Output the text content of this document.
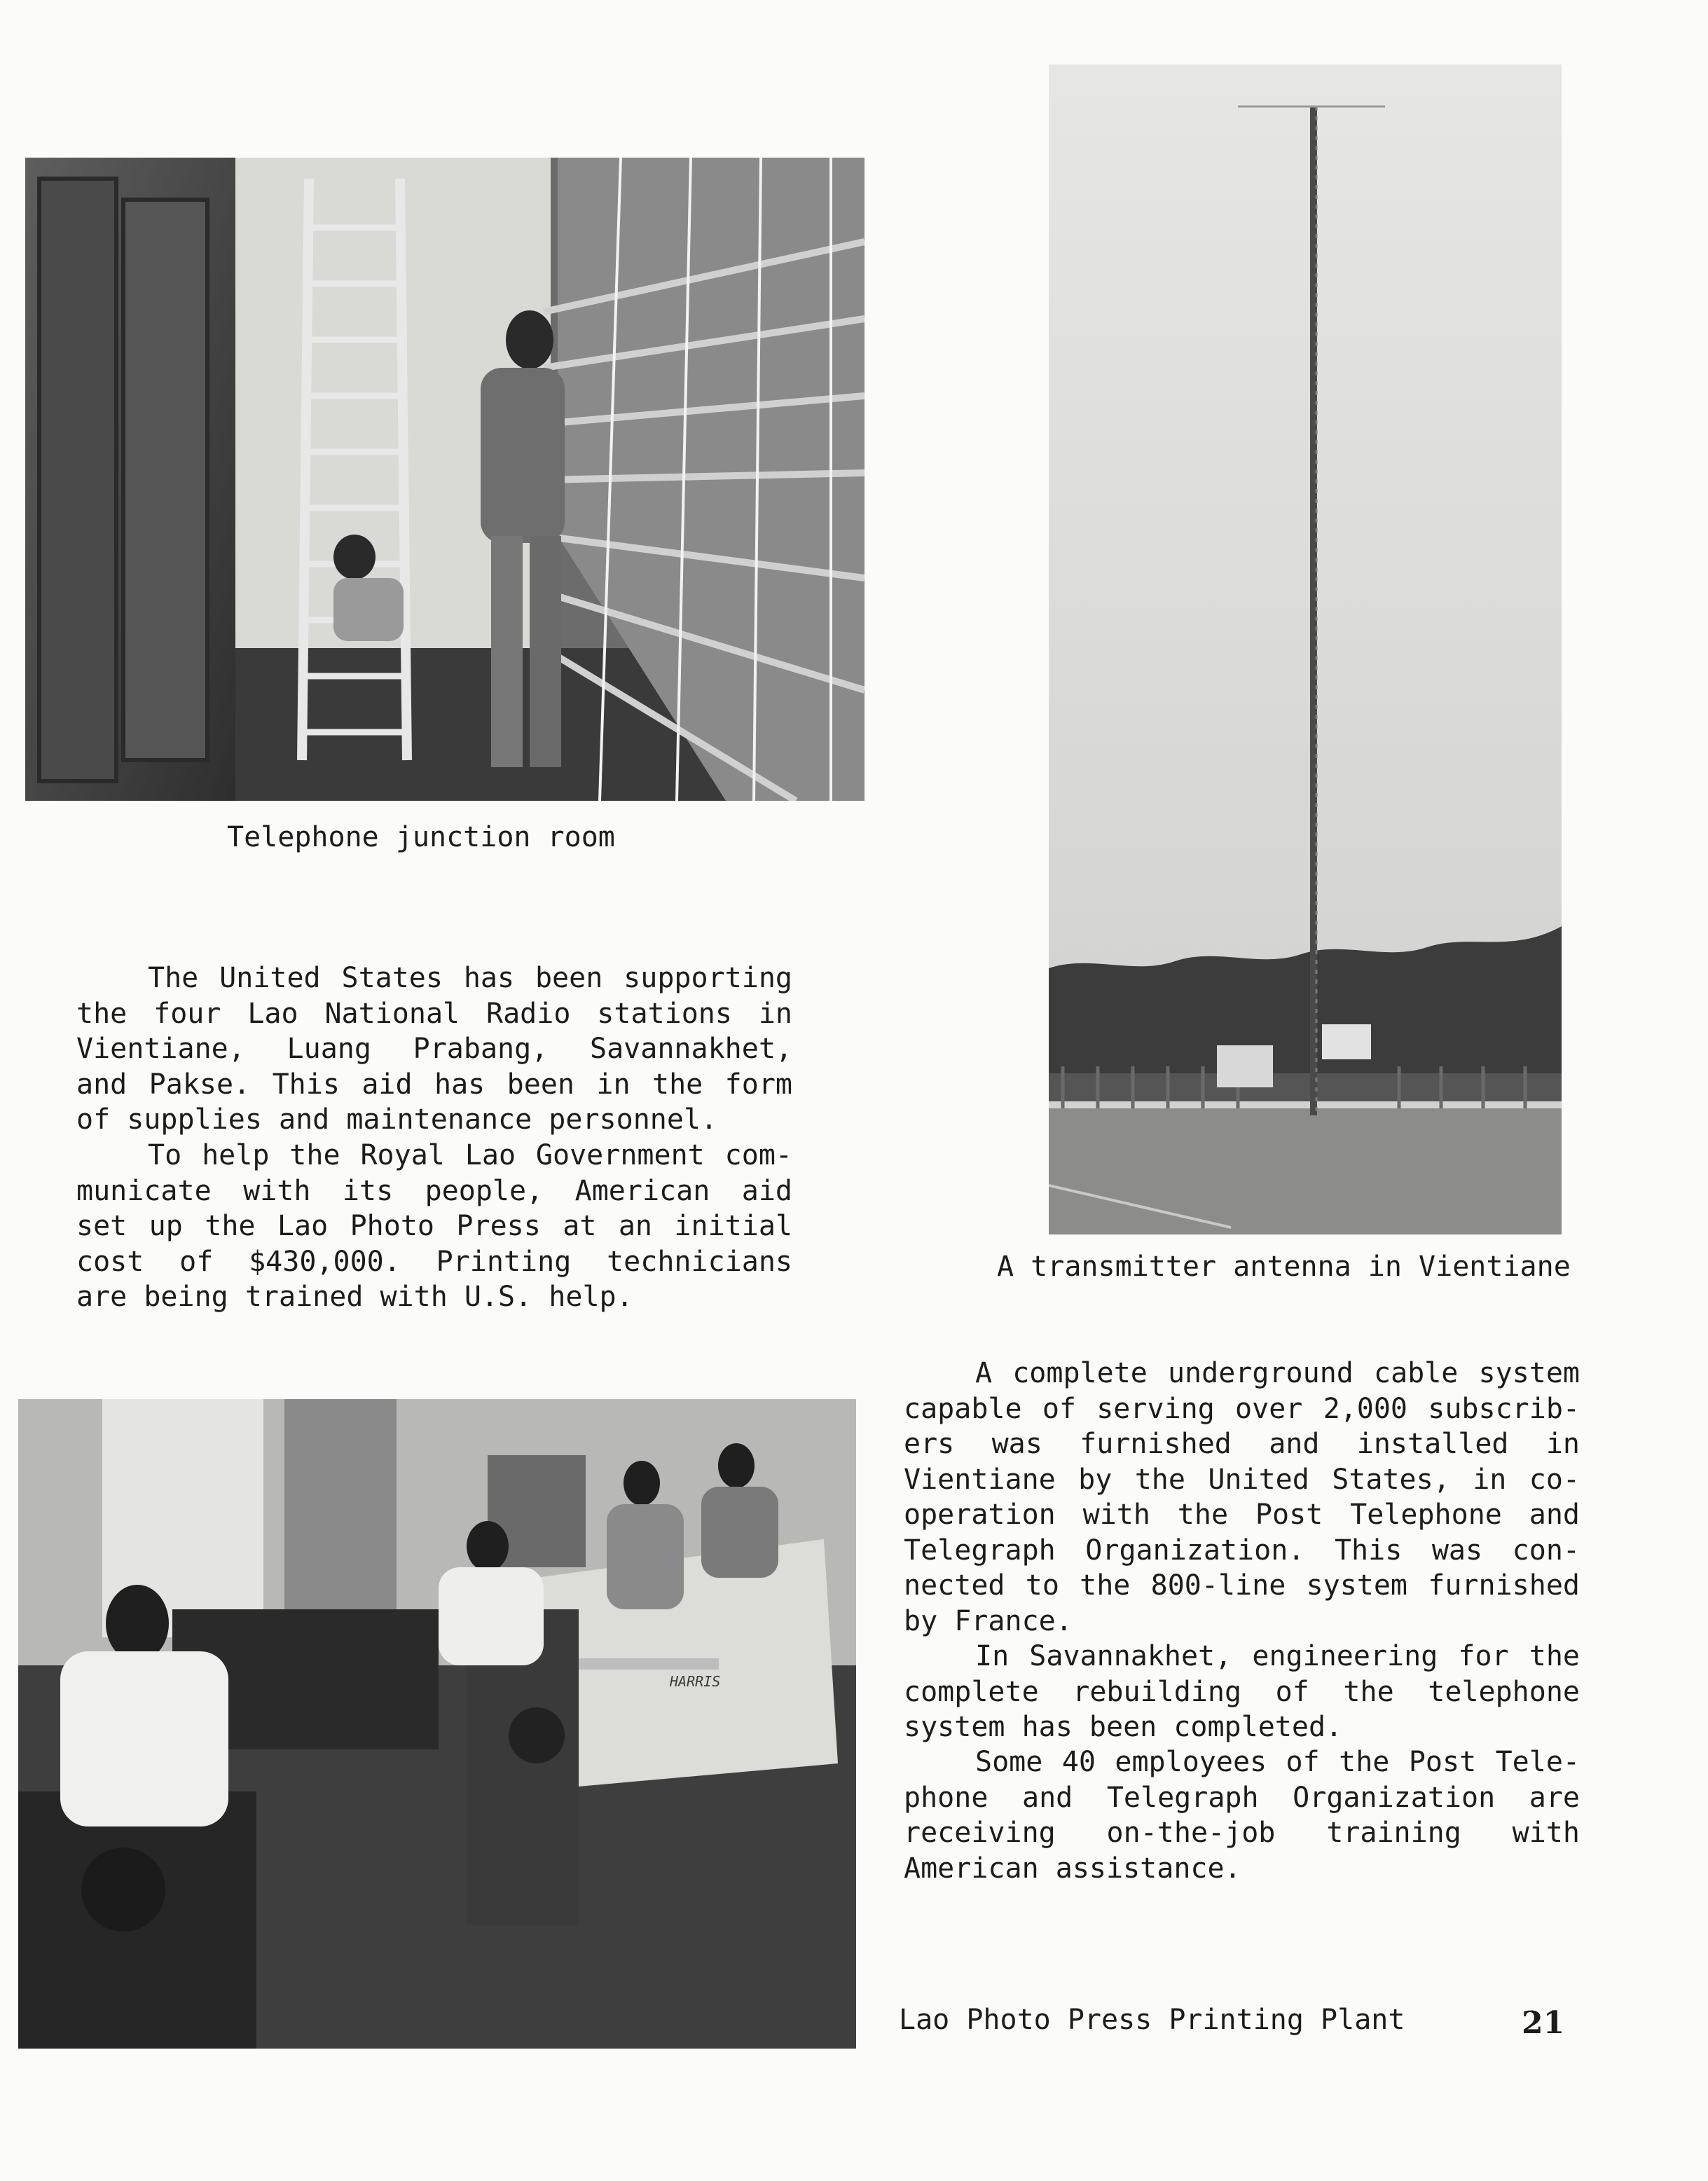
Telephone junction room
A transmitter antenna in Vientiane
The United States has been supporting
the four Lao National Radio stations in
Vientiane, Luang Prabang, Savannakhet,
and Pakse. This aid has been in the form
of supplies and maintenance personnel.
To help the Royal Lao Government com-
municate with its people, American aid
set up the Lao Photo Press at an initial
cost of $430,000. Printing technicians
are being trained with U.S. help.
HARRIS
A complete underground cable system
capable of serving over 2,000 subscrib-
ers was furnished and installed in
Vientiane by the United States, in co-
operation with the Post Telephone and
Telegraph Organization. This was con-
nected to the 800-line system furnished
by France.
In Savannakhet, engineering for the
complete rebuilding of the telephone
system has been completed.
Some 40 employees of the Post Tele-
phone and Telegraph Organization are
receiving on-the-job training with
American assistance.
Lao Photo Press Printing Plant	21
